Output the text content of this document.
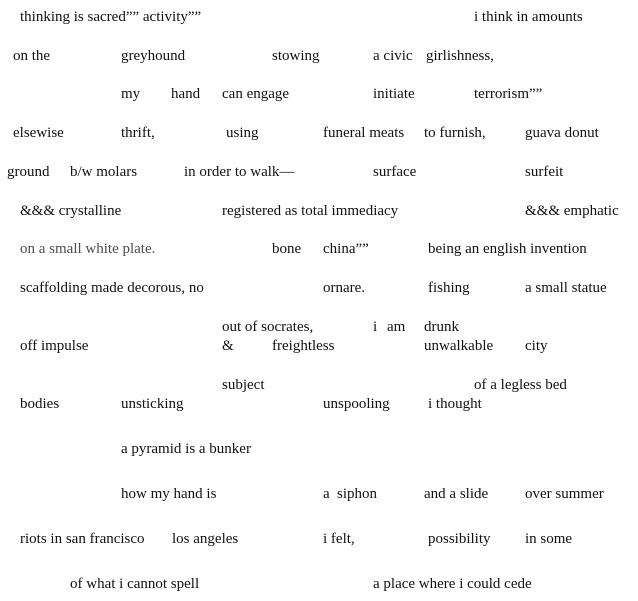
thinking is sacred”” activity””	i think in amounts
on the	greyhound	stowing	a civic girlishness,
my hand can engage	initiate	terrorism””
elsewise	thrift,	using	funeral meats to furnish,	guava donut
ground b/w molars	in order to walk—	surface	surfeit
&&& crystalline	registered as total immediacy	&&& emphatic
on a small white plate.	bone china””	being an english invention
scaffolding made decorous, no	ornare.	fishing	a small statue
out of socrates,	i am drunk
off impulse	&	freightless	unwalkable city
subject	of a legless bed
bodies	unsticking	unspooling	i thought
a pyramid is a bunker
how my hand is	a siphon	and a slide over summer
riots in san francisco los angeles	i felt,	possibility in some
of what i cannot spell	a place where i could cede
